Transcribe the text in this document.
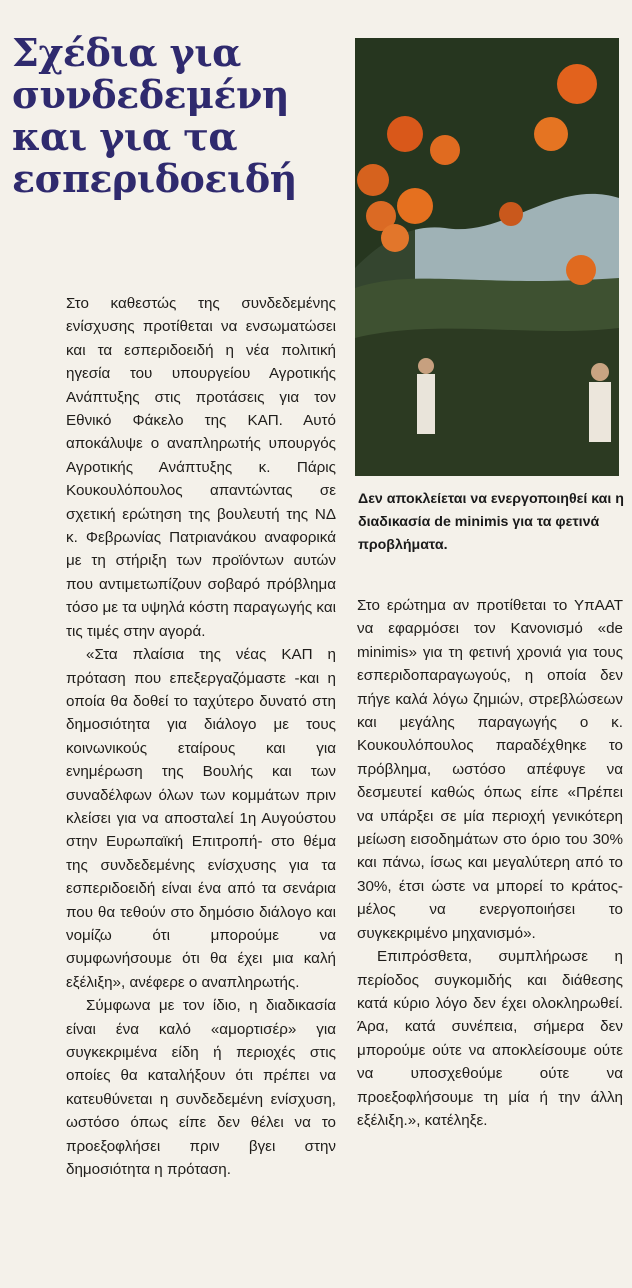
Σχέδια για συνδεδεμένη και για τα εσπεριδοειδή

Δεν αποκλείεται να ενεργοποιηθεί και η διαδικασία de minimis για τα φετινά προβλήματα.

Στο καθεστώς της συνδεδεμένης ενίσχυσης προτίθεται να ενσωματώσει και τα εσπεριδοειδή η νέα πολιτική ηγεσία του υπουργείου Αγροτικής Ανάπτυξης στις προτάσεις για τον Εθνικό Φάκελο της ΚΑΠ. Αυτό αποκάλυψε ο αναπληρωτής υπουργός Αγροτικής Ανάπτυξης κ. Πάρις Κουκουλόπουλος απαντώντας σε σχετική ερώτηση της βουλευτή της ΝΔ κ. Φεβρωνίας Πατριανάκου αναφορικά με τη στήριξη των προϊόντων αυτών που αντιμετωπίζουν σοβαρό πρόβλημα τόσο με τα υψηλά κόστη παραγωγής και τις τιμές στην αγορά.

«Στα πλαίσια της νέας ΚΑΠ η πρόταση που επεξεργαζόμαστε -και η οποία θα δοθεί το ταχύτερο δυνατό στη δημοσιότητα για διάλογο με τους κοινωνικούς εταίρους και για ενημέρωση της Βουλής και των συναδέλφων όλων των κομμάτων πριν κλείσει για να αποσταλεί 1η Αυγούστου στην Ευρωπαϊκή Επιτροπή- στο θέμα της συνδεδεμένης ενίσχυσης για τα εσπεριδοειδή είναι ένα από τα σενάρια που θα τεθούν στο δημόσιο διάλογο και νομίζω ότι μπορούμε να συμφωνήσουμε ότι θα έχει μια καλή εξέλιξη», ανέφερε ο αναπληρωτής.

Σύμφωνα με τον ίδιο, η διαδικασία είναι ένα καλό «αμορτισέρ» για συγκεκριμένα είδη ή περιοχές στις οποίες θα καταλήξουν ότι πρέπει να κατευθύνεται η συνδεδεμένη ενίσχυση, ωστόσο όπως είπε δεν θέλει να το προεξοφλήσει πριν βγει στην δημοσιότητα η πρόταση.

Στο ερώτημα αν προτίθεται το ΥπΑΑΤ να εφαρμόσει τον Κανονισμό «de minimis» για τη φετινή χρονιά για τους εσπεριδοπαραγωγούς, η οποία δεν πήγε καλά λόγω ζημιών, στρεβλώσεων και μεγάλης παραγωγής ο κ. Κουκουλόπουλος παραδέχθηκε το πρόβλημα, ωστόσο απέφυγε να δεσμευτεί καθώς όπως είπε «Πρέπει να υπάρξει σε μία περιοχή γενικότερη μείωση εισοδημάτων στο όριο του 30% και πάνω, ίσως και μεγαλύτερη από το 30%, έτσι ώστε να μπορεί το κράτος-μέλος να ενεργοποιήσει το συγκεκριμένο μηχανισμό».

Επιπρόσθετα, συμπλήρωσε η περίοδος συγκομιδής και διάθεσης κατά κύριο λόγο δεν έχει ολοκληρωθεί. Άρα, κατά συνέπεια, σήμερα δεν μπορούμε ούτε να αποκλείσουμε ούτε να υποσχεθούμε ούτε να προεξοφλήσουμε τη μία ή την άλλη εξέλιξη.», κατέληξε.
